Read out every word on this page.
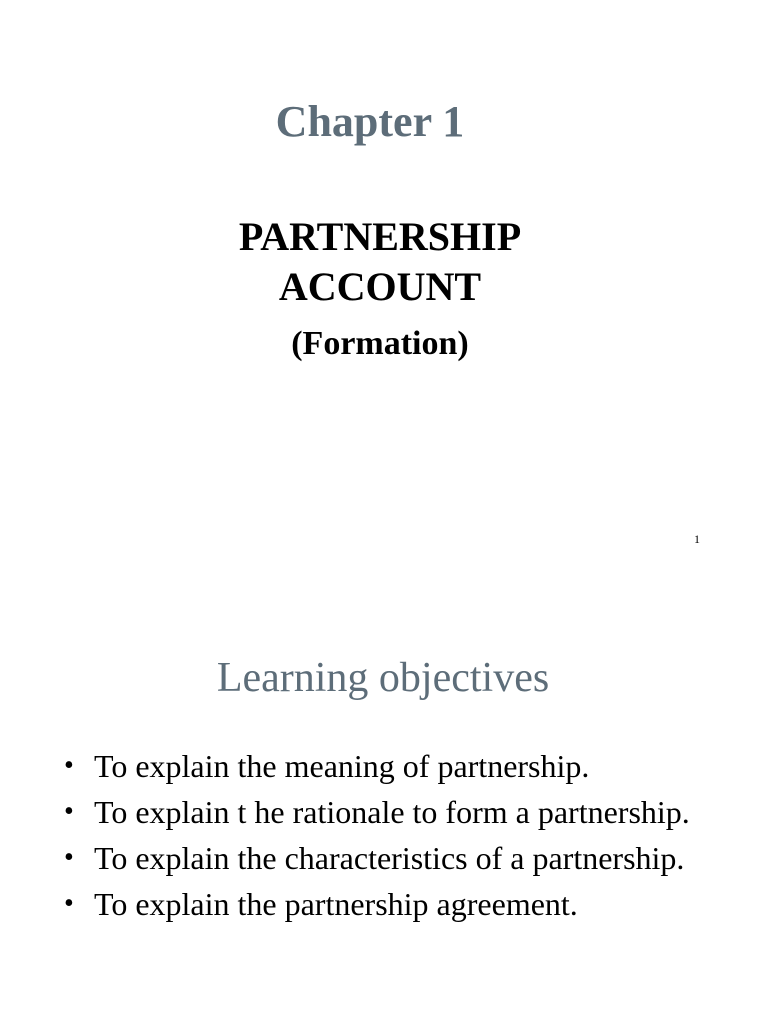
Chapter 1
PARTNERSHIP
ACCOUNT
(Formation)
1
Learning objectives
• To explain the meaning of partnership.
• To explain t he rationale to form a partnership.
• To explain the characteristics of a partnership.
• To explain the partnership agreement.
